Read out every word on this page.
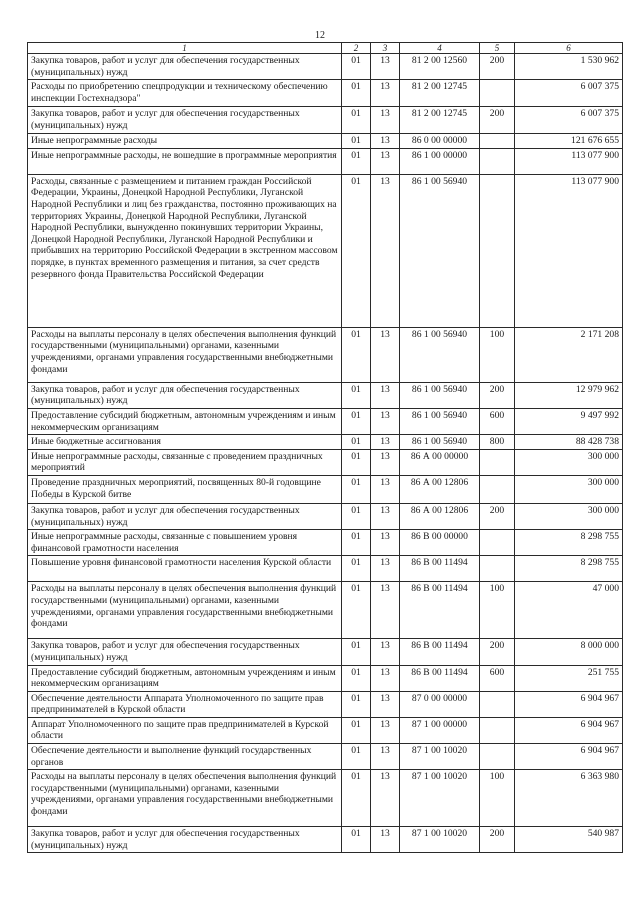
12
1	2	3	4	5	6
Закупка товаров, работ и услуг для обеспечения государственных (муниципальных) нужд	01	13	81 2 00 12560	200	1 530 962
Расходы по приобретению спецпродукции и техническому обеспечению инспекции Гостехнадзора"	01	13	81 2 00 12745		6 007 375
Закупка товаров, работ и услуг для обеспечения государственных (муниципальных) нужд	01	13	81 2 00 12745	200	6 007 375
Иные непрограммные расходы	01	13	86 0 00 00000		121 676 655
Иные непрограммные расходы, не вошедшие в программные мероприятия	01	13	86 1 00 00000		113 077 900
Расходы, связанные с размещением и питанием граждан Российской Федерации, Украины, Донецкой Народной Республики, Луганской Народной Республики и лиц без гражданства, постоянно проживающих на территориях Украины, Донецкой Народной Республики, Луганской Народной Республики, вынужденно покинувших территории Украины, Донецкой Народной Республики, Луганской Народной Республики и прибывших на территорию Российской Федерации в экстренном массовом порядке, в пунктах временного размещения и питания, за счет средств резервного фонда Правительства Российской Федерации	01	13	86 1 00 56940		113 077 900
Расходы на выплаты персоналу в целях обеспечения выполнения функций государственными (муниципальными) органами, казенными учреждениями, органами управления государственными внебюджетными фондами	01	13	86 1 00 56940	100	2 171 208
Закупка товаров, работ и услуг для обеспечения государственных (муниципальных) нужд	01	13	86 1 00 56940	200	12 979 962
Предоставление субсидий бюджетным, автономным учреждениям и иным некоммерческим организациям	01	13	86 1 00 56940	600	9 497 992
Иные бюджетные ассигнования	01	13	86 1 00 56940	800	88 428 738
Иные непрограммные расходы, связанные с проведением праздничных мероприятий	01	13	86 А 00 00000		300 000
Проведение праздничных мероприятий, посвященных 80-й годовщине Победы в Курской битве	01	13	86 А 00 12806		300 000
Закупка товаров, работ и услуг для обеспечения государственных (муниципальных) нужд	01	13	86 А 00 12806	200	300 000
Иные непрограммные расходы, связанные с повышением уровня финансовой грамотности населения	01	13	86 В 00 00000		8 298 755
Повышение уровня финансовой грамотности населения Курской области	01	13	86 В 00 11494		8 298 755
Расходы на выплаты персоналу в целях обеспечения выполнения функций государственными (муниципальными) органами, казенными учреждениями, органами управления государственными внебюджетными фондами	01	13	86 В 00 11494	100	47 000
Закупка товаров, работ и услуг для обеспечения государственных (муниципальных) нужд	01	13	86 В 00 11494	200	8 000 000
Предоставление субсидий бюджетным, автономным учреждениям и иным некоммерческим организациям	01	13	86 В 00 11494	600	251 755
Обеспечение деятельности Аппарата Уполномоченного по защите прав предпринимателей в Курской области	01	13	87 0 00 00000		6 904 967
Аппарат Уполномоченного по защите прав предпринимателей в Курской области	01	13	87 1 00 00000		6 904 967
Обеспечение деятельности и выполнение функций государственных органов	01	13	87 1 00 10020		6 904 967
Расходы на выплаты персоналу в целях обеспечения выполнения функций государственными (муниципальными) органами, казенными учреждениями, органами управления государственными внебюджетными фондами	01	13	87 1 00 10020	100	6 363 980
Закупка товаров, работ и услуг для обеспечения государственных (муниципальных) нужд	01	13	87 1 00 10020	200	540 987
